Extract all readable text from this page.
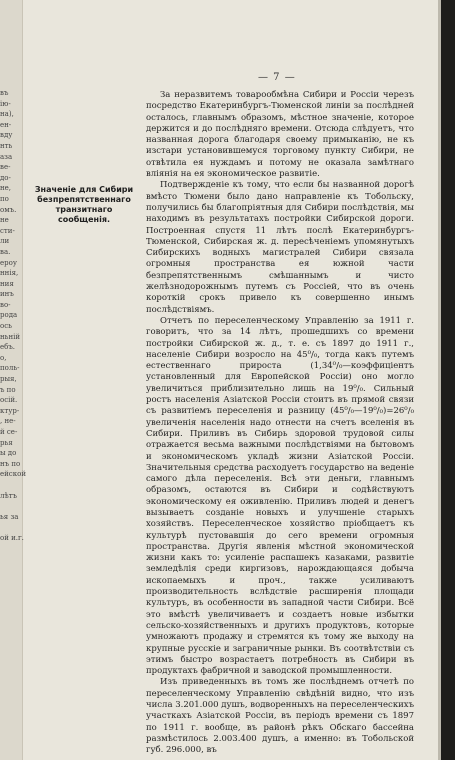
въ
ію-
на),
ен-
вду
нть
аза
ве-
до-
не,
по
омъ.
не
сти-
ли
ва.
ероу
ннія,
ния
инъ
во-
рода
ось
ньній
ебъ.
о,
поль-
рыя,
ъ по
осій.
ктур-
, не-
й се-
рья
ы до
нъ по
ейской

лѣтъ

ья за

ой и.г.
— 7 —
Значеніе для Сибири безпрепятственнаго транзитнаго сообщенія.

За неразвитемъ товарообмѣна Сибири и Россіи черезъ посредство Екатеринбургъ-Тюменской линіи за послѣдней осталось, главнымъ образомъ, мѣстное значеніе, которое держится и до послѣдняго времени. Отсюда слѣдуетъ, что названная дорога благодаря своему примыканію, не къ изстари установившемуся торговому пункту Сибири, не отвѣтила ея нуждамъ и потому не оказала замѣтнаго вліянія на ея экономическое развитіе.

Подтвержденіе къ тому, что если бы названной дорогѣ вмѣсто Тюмени было дано направленіе къ Тобольску, получились бы благопріятныя для Сибири послѣдствія, мы находимъ въ результатахъ постройки Сибирской дороги. Построенная спустя 11 лѣтъ послѣ Екатеринбургъ-Тюменской, Сибирская ж. д. пересѣченіемъ упомянутыхъ Сибирскихъ водныхъ магистралей Сибири связала огромныя пространства ея южной части безпрепятственнымъ смѣшаннымъ и чисто желѣзнодорожнымъ путемъ съ Россіей, что въ очень короткій срокъ привело къ совершенно инымъ послѣдствіямъ.

Отчетъ по переселенческому Управленію за 1911 г. говоритъ, что за 14 лѣтъ, прошедшихъ со времени постройки Сибирской ж. д., т. е. съ 1897 до 1911 г., населеніе Сибири возросло на 45⁰/₀, тогда какъ путемъ естественнаго прироста (1,34⁰/₀—коэффиціентъ установленный для Европейской Россіи) оно могло увеличиться приблизительно лишь на 19⁰/₀. Сильный ростъ населенія Азіатской Россіи стоитъ въ прямой связи съ развитіемъ переселенія и разницу (45⁰/₀—19⁰/₀)=26⁰/₀ увеличенія населенія надо отнести на счетъ вселенія въ Сибири. Приливъ въ Сибирь здоровой трудовой силы отражается весьма важными послѣдствіями на бытовомъ и экономическомъ укладѣ жизни Азіатской Россіи. Значительныя средства расходуетъ государство на веденіе самого дѣла переселенія. Всѣ эти деньги, главнымъ образомъ, остаются въ Сибири и содѣйствуютъ экономическому ея оживленію. Приливъ людей и денегъ вызываетъ созданіе новыхъ и улучшеніе старыхъ хозяйствъ. Переселенческое хозяйство пріобщаетъ къ культурѣ пустовавшія до сего времени огромныя пространства. Другія явленія мѣстной экономической жизни какъ то: усиленіе распашекъ казаками, развитіе земледѣлія среди киргизовъ, нарождающаяся добыча ископаемыхъ и проч., также усиливаютъ производительность вслѣдствіе расширенія площади культуръ, въ особенности въ западной части Сибири. Всё это вмѣстѣ увеличиваетъ и создаетъ новые избытки сельско-хозяйственныхъ и другихъ продуктовъ, которые умножаютъ продажу и стремятся къ тому же выходу на крупные русскіе и заграничные рынки. Въ соотвѣтствіи съ этимъ быстро возрастаетъ потребность въ Сибири въ продуктахъ фабричной и заводской промышленности.

Изъ приведенныхъ въ томъ же послѣднемъ отчетѣ по переселенческому Управленію свѣдѣній видно, что изъ числа 3.201.000 душъ, водворенныхъ на переселенческихъ участкахъ Азіатской Россіи, въ періодъ времени съ 1897 по 1911 г. вообще, въ районѣ рѣкъ Обскаго бассейна размѣстилось 2.003.400 душъ, а именно: въ Тобольской губ. 296.000, въ
